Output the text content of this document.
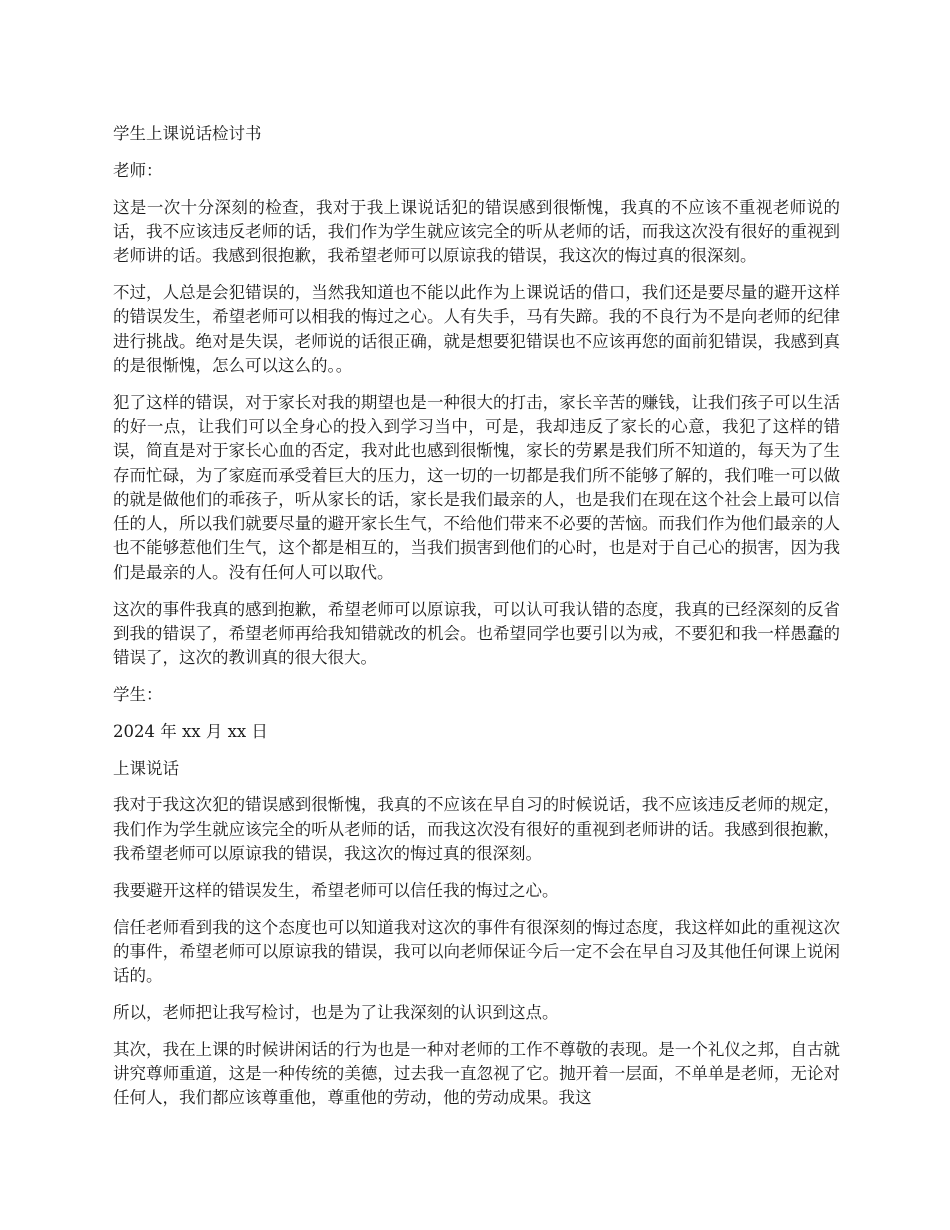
学生上课说话检讨书

老师：

这是一次十分深刻的检查，我对于我上课说话犯的错误感到很惭愧，我真的不应该不重视老师说的话，我不应该违反老师的话，我们作为学生就应该完全的听从老师的话，而我这次没有很好的重视到老师讲的话。我感到很抱歉，我希望老师可以原谅我的错误，我这次的悔过真的很深刻。

不过，人总是会犯错误的，当然我知道也不能以此作为上课说话的借口，我们还是要尽量的避开这样的错误发生，希望老师可以相我的悔过之心。人有失手，马有失蹄。我的不良行为不是向老师的纪律进行挑战。绝对是失误，老师说的话很正确，就是想要犯错误也不应该再您的面前犯错误，我感到真的是很惭愧，怎么可以这么的。。

犯了这样的错误，对于家长对我的期望也是一种很大的打击，家长辛苦的赚钱，让我们孩子可以生活的好一点，让我们可以全身心的投入到学习当中，可是，我却违反了家长的心意，我犯了这样的错误，简直是对于家长心血的否定，我对此也感到很惭愧，家长的劳累是我们所不知道的，每天为了生存而忙碌，为了家庭而承受着巨大的压力，这一切的一切都是我们所不能够了解的，我们唯一可以做的就是做他们的乖孩子，听从家长的话，家长是我们最亲的人，也是我们在现在这个社会上最可以信任的人，所以我们就要尽量的避开家长生气，不给他们带来不必要的苦恼。而我们作为他们最亲的人也不能够惹他们生气，这个都是相互的，当我们损害到他们的心时，也是对于自己心的损害，因为我们是最亲的人。没有任何人可以取代。

这次的事件我真的感到抱歉，希望老师可以原谅我，可以认可我认错的态度，我真的已经深刻的反省到我的错误了，希望老师再给我知错就改的机会。也希望同学也要引以为戒，不要犯和我一样愚蠢的错误了，这次的教训真的很大很大。

学生：

2024 年 xx 月 xx 日

上课说话

我对于我这次犯的错误感到很惭愧，我真的不应该在早自习的时候说话，我不应该违反老师的规定，我们作为学生就应该完全的听从老师的话，而我这次没有很好的重视到老师讲的话。我感到很抱歉，我希望老师可以原谅我的错误，我这次的悔过真的很深刻。

我要避开这样的错误发生，希望老师可以信任我的悔过之心。

信任老师看到我的这个态度也可以知道我对这次的事件有很深刻的悔过态度，我这样如此的重视这次的事件，希望老师可以原谅我的错误，我可以向老师保证今后一定不会在早自习及其他任何课上说闲话的。

所以，老师把让我写检讨，也是为了让我深刻的认识到这点。

其次，我在上课的时候讲闲话的行为也是一种对老师的工作不尊敬的表现。是一个礼仪之邦，自古就讲究尊师重道，这是一种传统的美德，过去我一直忽视了它。抛开着一层面，不单单是老师，无论对任何人，我们都应该尊重他，尊重他的劳动，他的劳动成果。我这
